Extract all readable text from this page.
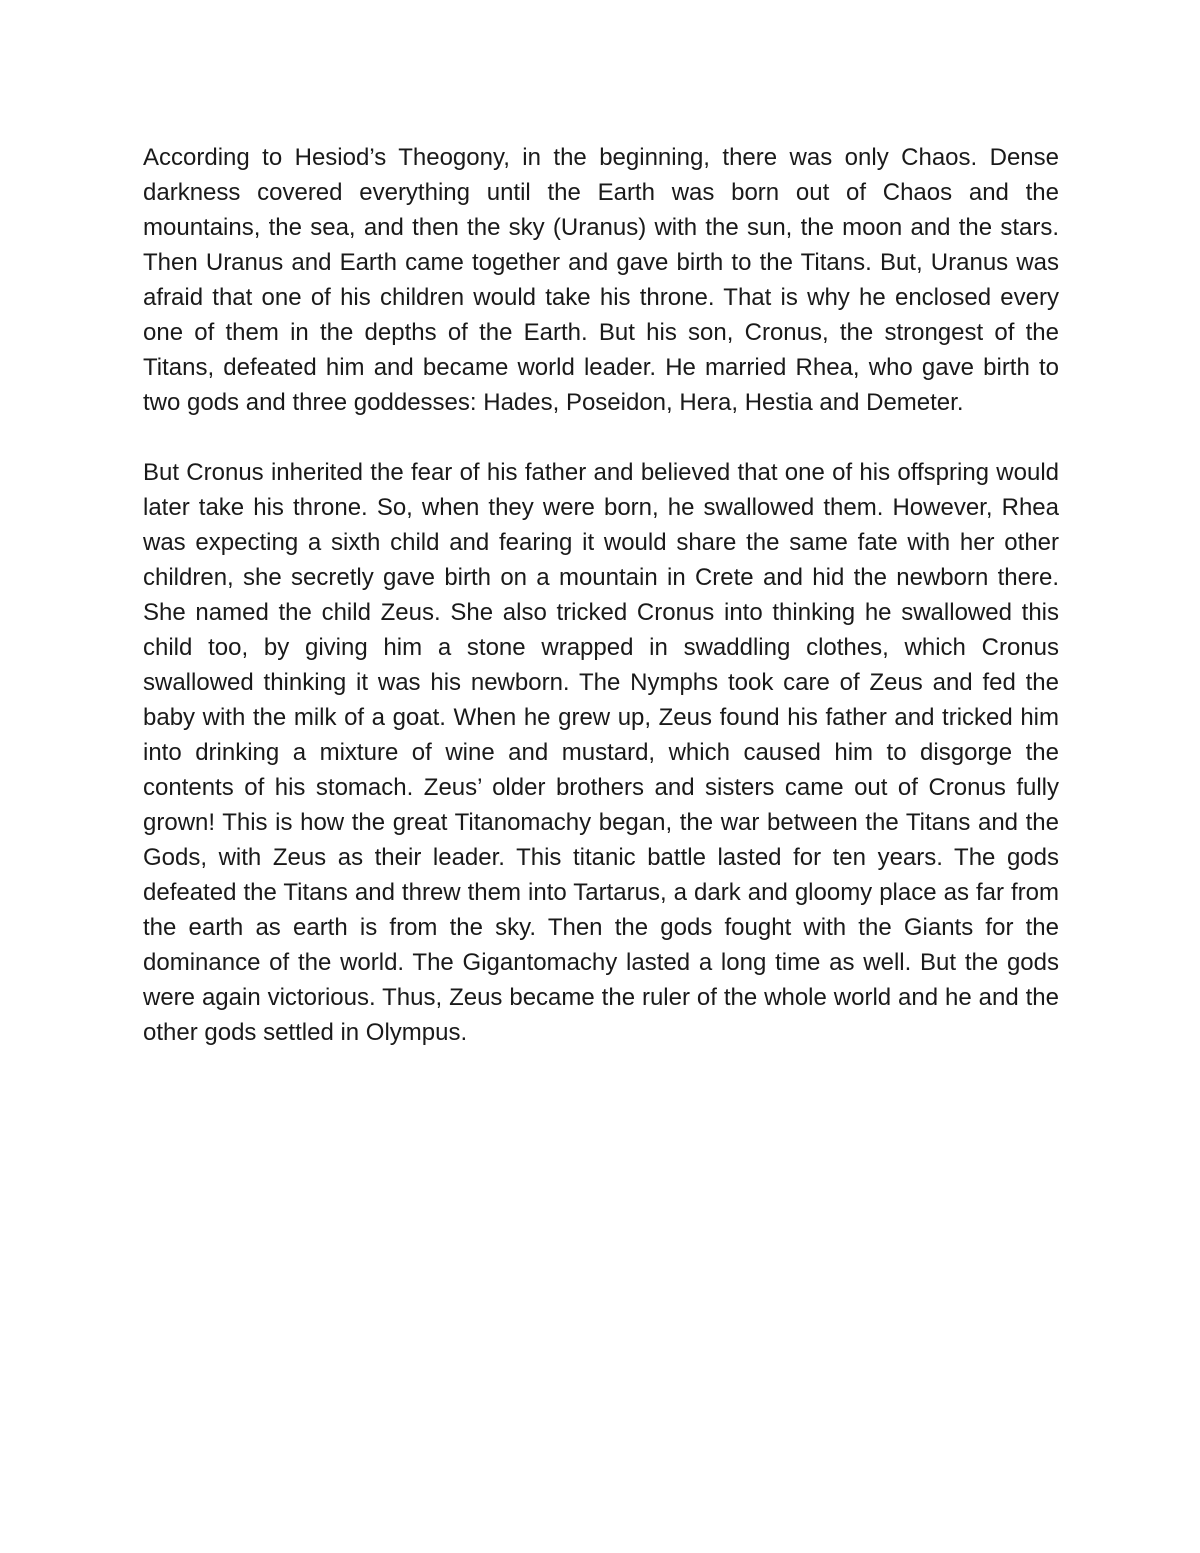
According to Hesiod’s Theogony, in the beginning, there was only Chaos. Dense darkness covered everything until the Earth was born out of Chaos and the mountains, the sea, and then the sky (Uranus) with the sun, the moon and the stars. Then Uranus and Earth came together and gave birth to the Titans. But, Uranus was afraid that one of his children would take his throne. That is why he enclosed every one of them in the depths of the Earth. But his son, Cronus, the strongest of the Titans, defeated him and became world leader. He married Rhea, who gave birth to two gods and three goddesses: Hades, Poseidon, Hera, Hestia and Demeter.

But Cronus inherited the fear of his father and believed that one of his offspring would later take his throne. So, when they were born, he swallowed them. However, Rhea was expecting a sixth child and fearing it would share the same fate with her other children, she secretly gave birth on a mountain in Crete and hid the newborn there. She named the child Zeus. She also tricked Cronus into thinking he swallowed this child too, by giving him a stone wrapped in swaddling clothes, which Cronus swallowed thinking it was his newborn. The Nymphs took care of Zeus and fed the baby with the milk of a goat. When he grew up, Zeus found his father and tricked him into drinking a mixture of wine and mustard, which caused him to disgorge the contents of his stomach. Zeus’ older brothers and sisters came out of Cronus fully grown! This is how the great Titanomachy began, the war between the Titans and the Gods, with Zeus as their leader. This titanic battle lasted for ten years. The gods defeated the Titans and threw them into Tartarus, a dark and gloomy place as far from the earth as earth is from the sky. Then the gods fought with the Giants for the dominance of the world. The Gigantomachy lasted a long time as well. But the gods were again victorious. Thus, Zeus became the ruler of the whole world and he and the other gods settled in Olympus.
